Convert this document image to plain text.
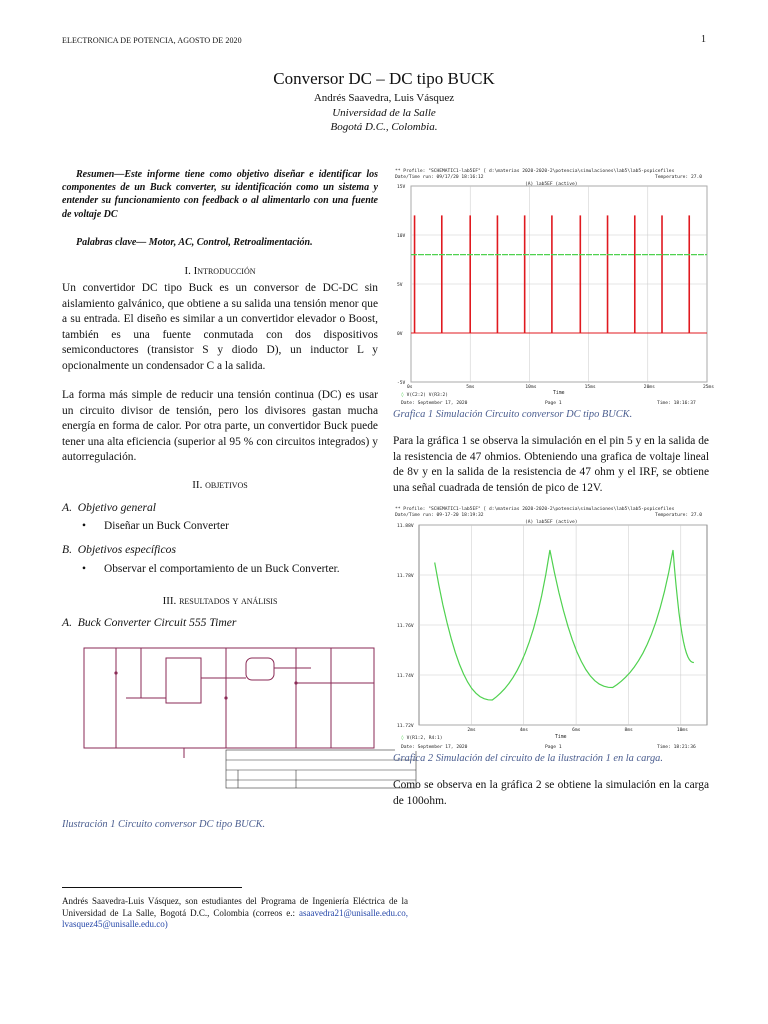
ELECTRONICA DE POTENCIA, AGOSTO DE 2020	1
Conversor DC – DC tipo BUCK
Andrés Saavedra, Luis Vásquez
Universidad de la Salle
Bogotá D.C., Colombia.
Resumen—Este informe tiene como objetivo diseñar e identificar los componentes de un Buck converter, su identificación como un sistema y entender su funcionamiento con feedback o al alimentarlo con una fuente de voltaje DC
Palabras clave— Motor, AC, Control, Retroalimentación.
I. Introducción
Un convertidor DC tipo Buck es un conversor de DC-DC sin aislamiento galvánico, que obtiene a su salida una tensión menor que a su entrada. El diseño es similar a un convertidor elevador o Boost, también es una fuente conmutada con dos dispositivos semiconductores (transistor S y diodo D), un inductor L y opcionalmente un condensador C a la salida.
La forma más simple de reducir una tensión continua (DC) es usar un circuito divisor de tensión, pero los divisores gastan mucha energía en forma de calor. Por otra parte, un convertidor Buck puede tener una alta eficiencia (superior al 95 % con circuitos integrados) y autorregulación.
II. objetivos
A. Objetivo general
• Diseñar un Buck Converter
B. Objetivos específicos
• Observar el comportamiento de un Buck Converter.
III. resultados y análisis
A. Buck Converter Circuit 555 Timer
Ilustración 1 Circuito conversor DC tipo BUCK.
** Profile: "SCHEMATIC1-lab5EF" [ d:\materias 2020-2020-2\potencia\simulaciones\lab5\lab5-pspicefiles
Date/Time run: 09/17/20 18:16:12	Temperature: 27.0
(A) lab5EF (active)
15V
10V
5V
0V
-5V
0s	5ms	10ms	15ms	20ms	25ms
◊ V(C2:2) V(R3:2)	Time
Date: September 17, 2020	Page 1	Time: 18:16:37
Grafica 1 Simulación Circuito conversor DC tipo BUCK.
Para la gráfica 1 se observa la simulación en el pin 5 y en la salida de la resistencia de 47 ohmios. Obteniendo una grafica de voltaje lineal de 8v y en la salida de la resistencia de 47 ohm y el IRF, se obtiene una señal cuadrada de tensión de pico de 12V.
** Profile: "SCHEMATIC1-lab5EF" [ d:\materias 2020-2020-2\potencia\simulaciones\lab5\lab5-pspicefiles
Date/Time run: 09-17-20 18:19:32	Temperature: 27.0
(A) lab5EF (active)
11.88V
11.78V
11.76V
11.74V
11.72V
2ms	4ms	6ms	8ms	10ms
◊ V(R1:2, R4:1)	Time
Date: September 17, 2020	Page 1	Time: 18:21:36
Grafica 2 Simulación del circuito de la ilustración 1 en la carga.
Como se observa en la gráfica 2 se obtiene la simulación en la carga de 100ohm.
Andrés Saavedra-Luis Vásquez, son estudiantes del Programa de Ingeniería Eléctrica de la Universidad de La Salle, Bogotá D.C., Colombia (correos e.: asaavedra21@unisalle.edu.co, lvasquez45@unisalle.edu.co)
